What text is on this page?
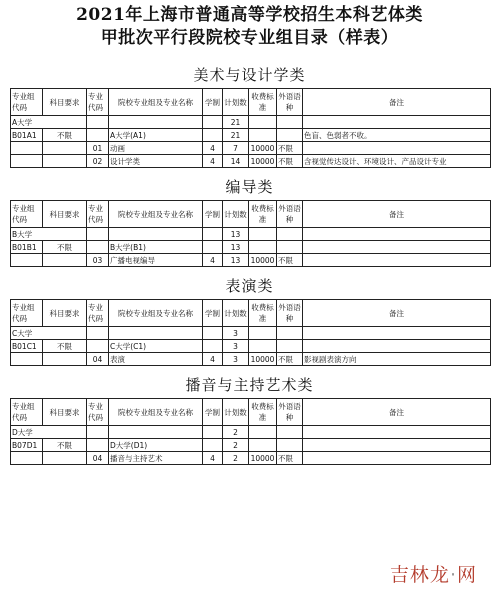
2021年上海市普通高等学校招生本科艺体类
甲批次平行段院校专业组目录（样表）
美术与设计学类
专业组代码	科目要求	专业代码	院校专业组及专业名称	学制	计划数	收费标准	外语语种	备注
A大学					21			
B01A1	不限		A大学(A1)		21			色盲、色弱者不收。
		01	动画	4	7	10000	不限	
		02	设计学类	4	14	10000	不限	含视觉传达设计、环境设计、产品设计专业
编导类
专业组代码	科目要求	专业代码	院校专业组及专业名称	学制	计划数	收费标准	外语语种	备注
B大学					13			
B01B1	不限		B大学(B1)		13			
		03	广播电视编导	4	13	10000	不限	
表演类
专业组代码	科目要求	专业代码	院校专业组及专业名称	学制	计划数	收费标准	外语语种	备注
C大学					3			
B01C1	不限		C大学(C1)		3			
		04	表演	4	3	10000	不限	影视剧表演方向
播音与主持艺术类
专业组代码	科目要求	专业代码	院校专业组及专业名称	学制	计划数	收费标准	外语语种	备注
D大学					2			
B07D1	不限		D大学(D1)		2			
		04	播音与主持艺术	4	2	10000	不限	
吉林龙·网
